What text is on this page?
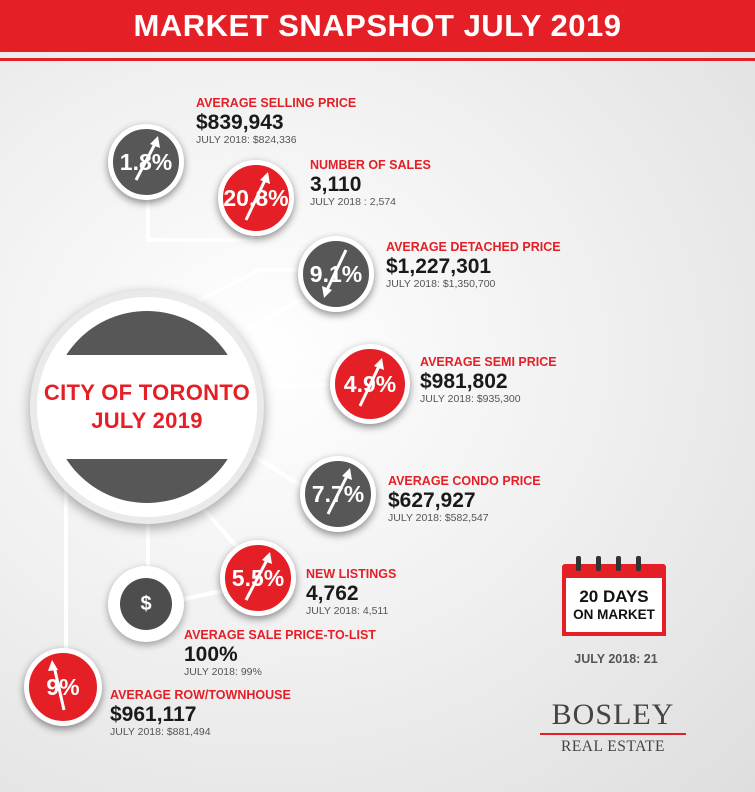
MARKET SNAPSHOT JULY 2019
CITY OF TORONTO
JULY 2019
1.8%
AVERAGE SELLING PRICE
$839,943
JULY 2018: $824,336
20.8%
NUMBER OF SALES
3,110
JULY 2018 : 2,574
9.1%
AVERAGE DETACHED PRICE
$1,227,301
JULY 2018: $1,350,700
4.9%
AVERAGE SEMI PRICE
$981,802
JULY 2018: $935,300
7.7% AVERAGE CONDO PRICE
$627,927
JULY 2018: $582,547
5.5% NEW LISTINGS
4,762
JULY 2018: 4,511
$
AVERAGE SALE PRICE-TO-LIST
100%
JULY 2018: 99%
9% AVERAGE ROW/TOWNHOUSE
$961,117
JULY 2018: $881,494
20 DAYS
ON MARKET
JULY 2018: 21
BOSLEY
REAL ESTATE
